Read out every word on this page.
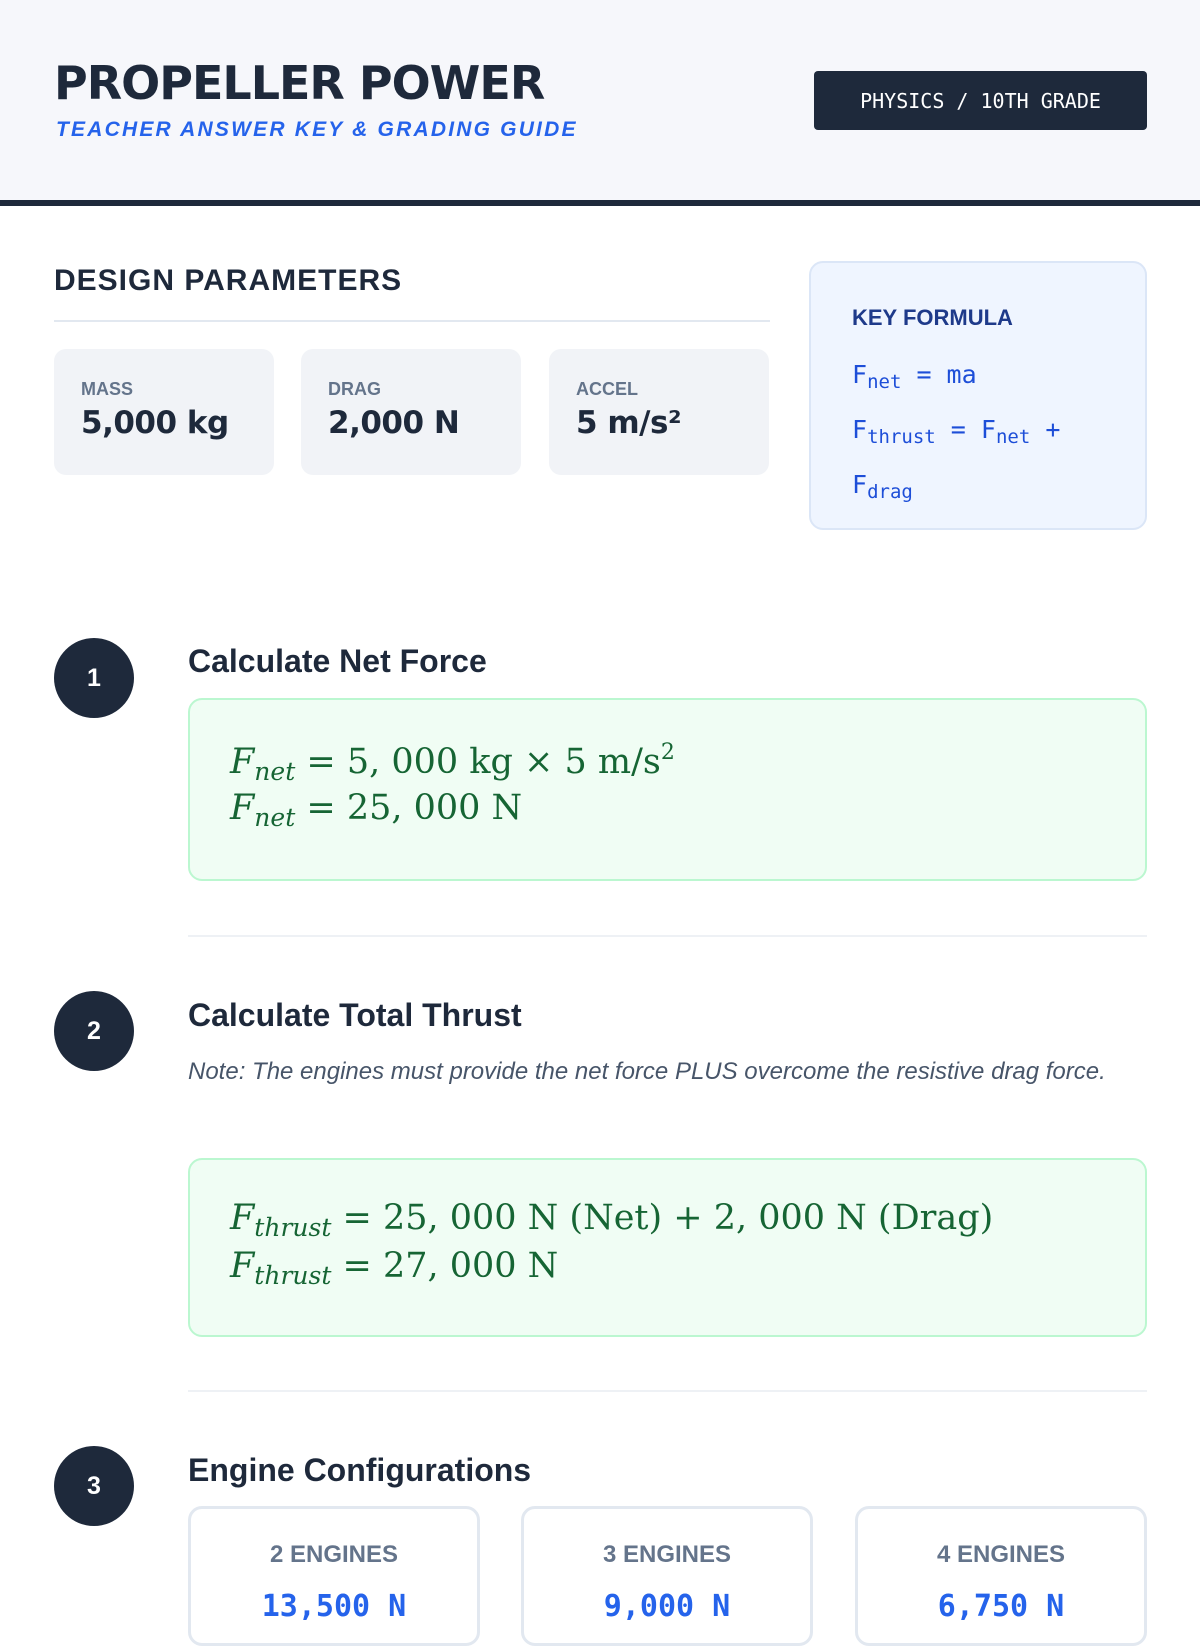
PROPELLER POWER
TEACHER ANSWER KEY & GRADING GUIDE
PHYSICS / 10TH GRADE
DESIGN PARAMETERS
MASS
5,000 kg
DRAG
2,000 N
ACCEL
5 m/s²
KEY FORMULA
$F_{net}$ = ma
$F_{thrust} = F_{net}$ +
$F_{drag}$
1	Calculate Net Force
$F_{net} = 5$, 000 kg × 5 $m/s^2$
$F_{net} = 25$, 000 N
2	Calculate Total Thrust
Note: The engines must provide the net force PLUS overcome the resistive drag force.
$F_{thrust} = 25$, 000 N (Net) + 2, 000 N (Drag)
$F_{thrust} = 27$, 000 N
3	Engine Configurations
2 ENGINES
13,500 N
3 ENGINES
9,000 N
4 ENGINES
6,750 N
